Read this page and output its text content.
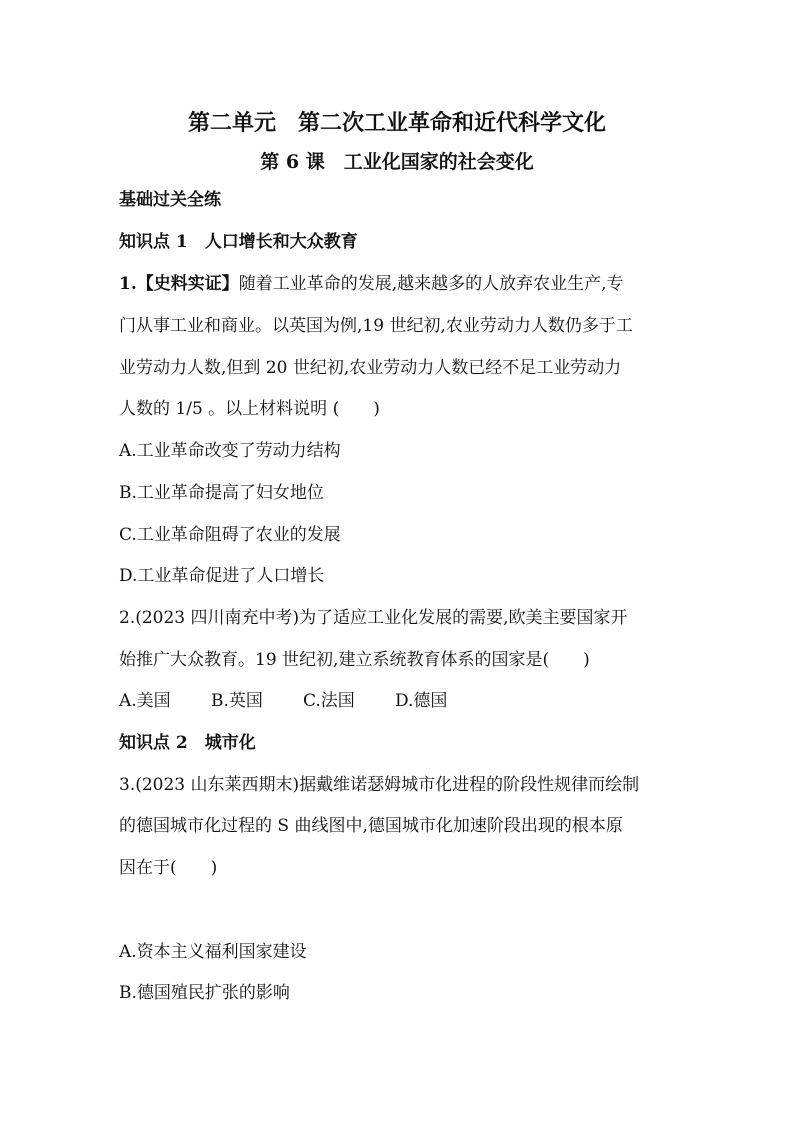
第二单元　第二次工业革命和近代科学文化
第 6 课　工业化国家的社会变化
基础过关全练
知识点 1　人口增长和大众教育
1.【史料实证】随着工业革命的发展,越来越多的人放弃农业生产,专
门从事工业和商业。以英国为例,19 世纪初,农业劳动力人数仍多于工
业劳动力人数,但到 20 世纪初,农业劳动力人数已经不足工业劳动力
人数的 1/5 。以上材料说明 (　　)
A.工业革命改变了劳动力结构
B.工业革命提高了妇女地位
C.工业革命阻碍了农业的发展
D.工业革命促进了人口增长
2.(2023 四川南充中考)为了适应工业化发展的需要,欧美主要国家开
始推广大众教育。19 世纪初,建立系统教育体系的国家是(　　)
A.美国 B.英国 C.法国 D.德国
知识点 2　城市化
3.(2023 山东莱西期末)据戴维诺瑟姆城市化进程的阶段性规律而绘制
的德国城市化过程的 S 曲线图中,德国城市化加速阶段出现的根本原
因在于(　　)
A.资本主义福利国家建设
B.德国殖民扩张的影响
